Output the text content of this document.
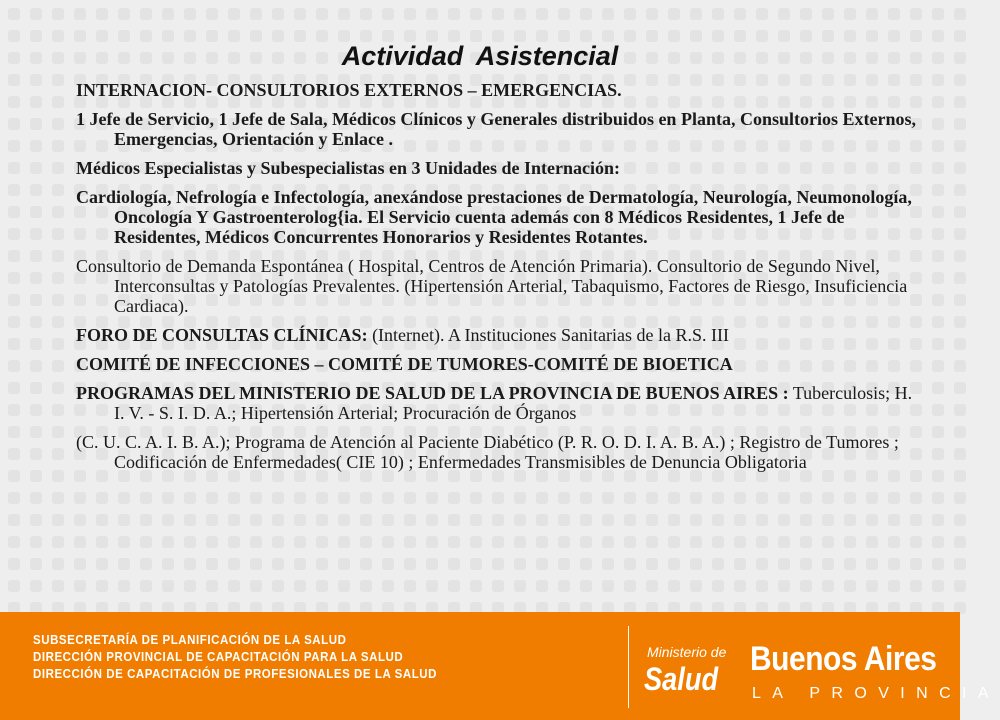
Actividad Asistencial

INTERNACION- CONSULTORIOS EXTERNOS – EMERGENCIAS.

1 Jefe de Servicio, 1 Jefe de Sala, Médicos Clínicos y Generales distribuidos en Planta, Consultorios Externos, Emergencias, Orientación y Enlace .

Médicos Especialistas y Subespecialistas en 3 Unidades de Internación:

Cardiología, Nefrología e Infectología, anexándose prestaciones de Dermatología, Neurología, Neumonología, Oncología Y Gastroenterolog{ia. El Servicio cuenta además con 8 Médicos Residentes, 1 Jefe de Residentes, Médicos Concurrentes Honorarios y Residentes Rotantes.

Consultorio de Demanda Espontánea ( Hospital, Centros de Atención Primaria). Consultorio de Segundo Nivel, Interconsultas y Patologías Prevalentes. (Hipertensión Arterial, Tabaquismo, Factores de Riesgo, Insuficiencia Cardiaca).

FORO DE CONSULTAS CLÍNICAS: (Internet). A Instituciones Sanitarias de la R.S. III

COMITÉ DE INFECCIONES – COMITÉ DE TUMORES-COMITÉ DE BIOETICA

PROGRAMAS DEL MINISTERIO DE SALUD DE LA PROVINCIA DE BUENOS AIRES : Tuberculosis; H. I. V. - S. I. D. A.; Hipertensión Arterial; Procuración de Órganos

(C. U. C. A. I. B. A.); Programa de Atención al Paciente Diabético (P. R. O. D. I. A. B. A.) ; Registro de Tumores ; Codificación de Enfermedades( CIE 10) ; Enfermedades Transmisibles de Denuncia Obligatoria

SUBSECRETARÍA DE PLANIFICACIÓN DE LA SALUD
DIRECCIÓN PROVINCIAL DE CAPACITACIÓN PARA LA SALUD
DIRECCIÓN DE CAPACITACIÓN DE PROFESIONALES DE LA SALUD
Ministerio de
Salud
Buenos Aires
LA PROVINCIA
